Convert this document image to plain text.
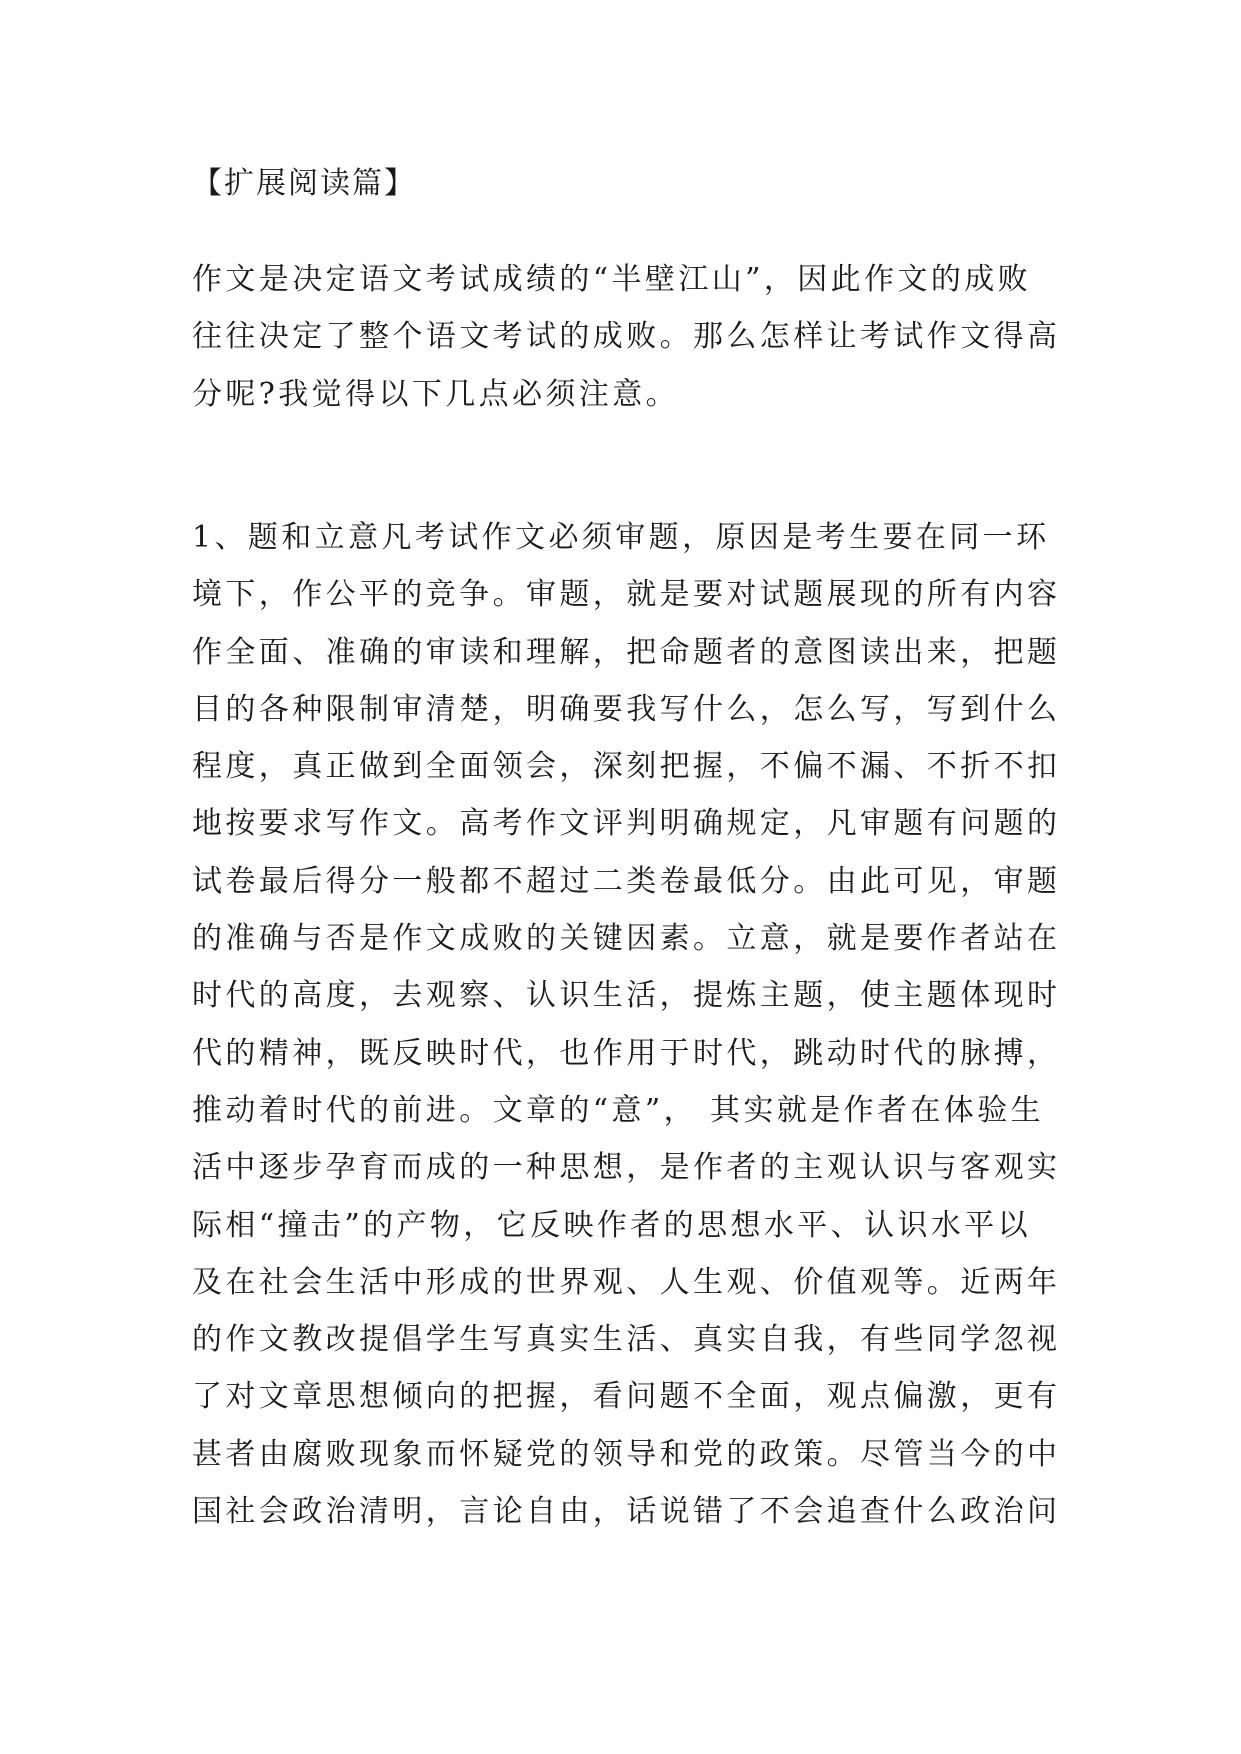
【扩展阅读篇】
作文是决定语文考试成绩的“半壁江山”，因此作文的成败
往往决定了整个语文考试的成败。那么怎样让考试作文得高
分呢?我觉得以下几点必须注意。
1、题和立意凡考试作文必须审题，原因是考生要在同一环
境下，作公平的竞争。审题，就是要对试题展现的所有内容
作全面、准确的审读和理解，把命题者的意图读出来，把题
目的各种限制审清楚，明确要我写什么，怎么写，写到什么
程度，真正做到全面领会，深刻把握，不偏不漏、不折不扣
地按要求写作文。高考作文评判明确规定，凡审题有问题的
试卷最后得分一般都不超过二类卷最低分。由此可见，审题
的准确与否是作文成败的关键因素。立意，就是要作者站在
时代的高度，去观察、认识生活，提炼主题，使主题体现时
代的精神，既反映时代，也作用于时代，跳动时代的脉搏，
推动着时代的前进。文章的“意”， 其实就是作者在体验生
活中逐步孕育而成的一种思想，是作者的主观认识与客观实
际相“撞击”的产物，它反映作者的思想水平、认识水平以
及在社会生活中形成的世界观、人生观、价值观等。近两年
的作文教改提倡学生写真实生活、真实自我，有些同学忽视
了对文章思想倾向的把握，看问题不全面，观点偏激，更有
甚者由腐败现象而怀疑党的领导和党的政策。尽管当今的中
国社会政治清明，言论自由，话说错了不会追查什么政治问
